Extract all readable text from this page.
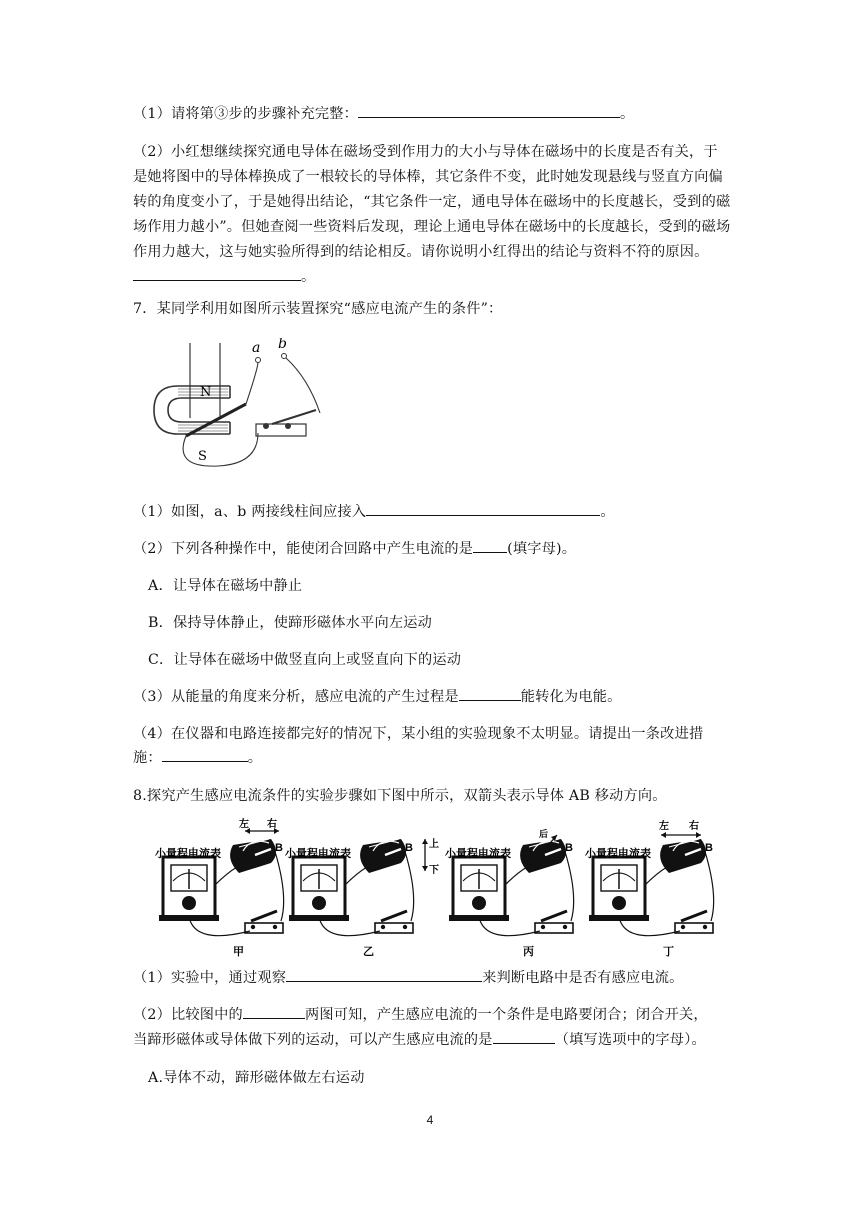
（1）请将第③步的步骤补充完整：	。
（2）小红想继续探究通电导体在磁场受到作用力的大小与导体在磁场中的长度是否有关，于是她将图中的导体棒换成了一根较长的导体棒，其它条件不变，此时她发现悬线与竖直方向偏转的角度变小了，于是她得出结论，“其它条件一定，通电导体在磁场中的长度越长，受到的磁场作用力越小”。但她查阅一些资料后发现，理论上通电导体在磁场中的长度越长，受到的磁场作用力越大，这与她实验所得到的结论相反。请你说明小红得出的结论与资料不符的原因。。
7．某同学利用如图所示装置探究“感应电流产生的条件”：
N
S
a b
（1）如图，a、b 两接线柱间应接入	。
（2）下列各种操作中，能使闭合回路中产生电流的是 (填字母)。
A．让导体在磁场中静止
B．保持导体静止，使蹄形磁体水平向左运动
C．让导体在磁场中做竖直向上或竖直向下的运动
（3）从能量的角度来分析，感应电流的产生过程是	能转化为电能。
（4）在仪器和电路连接都完好的情况下，某小组的实验现象不太明显。请提出一条改进措施：	。
8.探究产生感应电流条件的实验步骤如下图中所示，双箭头表示导体 AB 移动方向。
左 右
小量程电流表	B
甲
上
下
小量程电流表	B
乙
后
小量程电流表	B
丙
左 右
小量程电流表	B
丁
（1）实验中，通过观察	来判断电路中是否有感应电流。
（2）比较图中的	两图可知，产生感应电流的一个条件是电路要闭合；闭合开关，
当蹄形磁体或导体做下列的运动，可以产生感应电流的是	（填写选项中的字母）。
A.导体不动，蹄形磁体做左右运动
4
